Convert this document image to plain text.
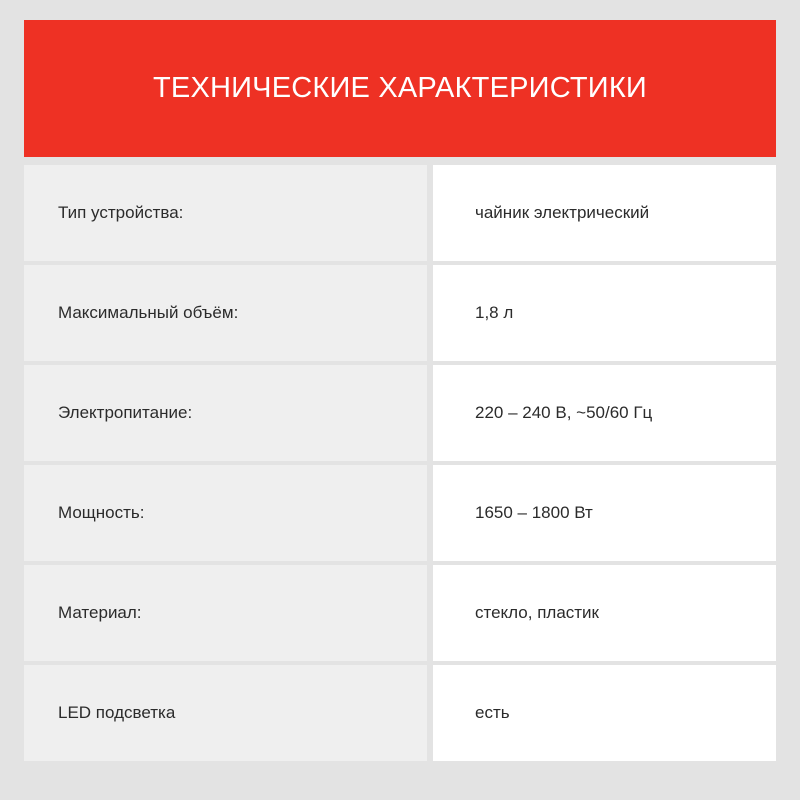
ТЕХНИЧЕСКИЕ ХАРАКТЕРИСТИКИ
Тип устройства:	чайник электрический
Максимальный объём:	1,8 л
Электропитание:	220 – 240 В, ~50/60 Гц
Мощность:	1650 – 1800 Вт
Материал:	стекло, пластик
LED подсветка	есть
